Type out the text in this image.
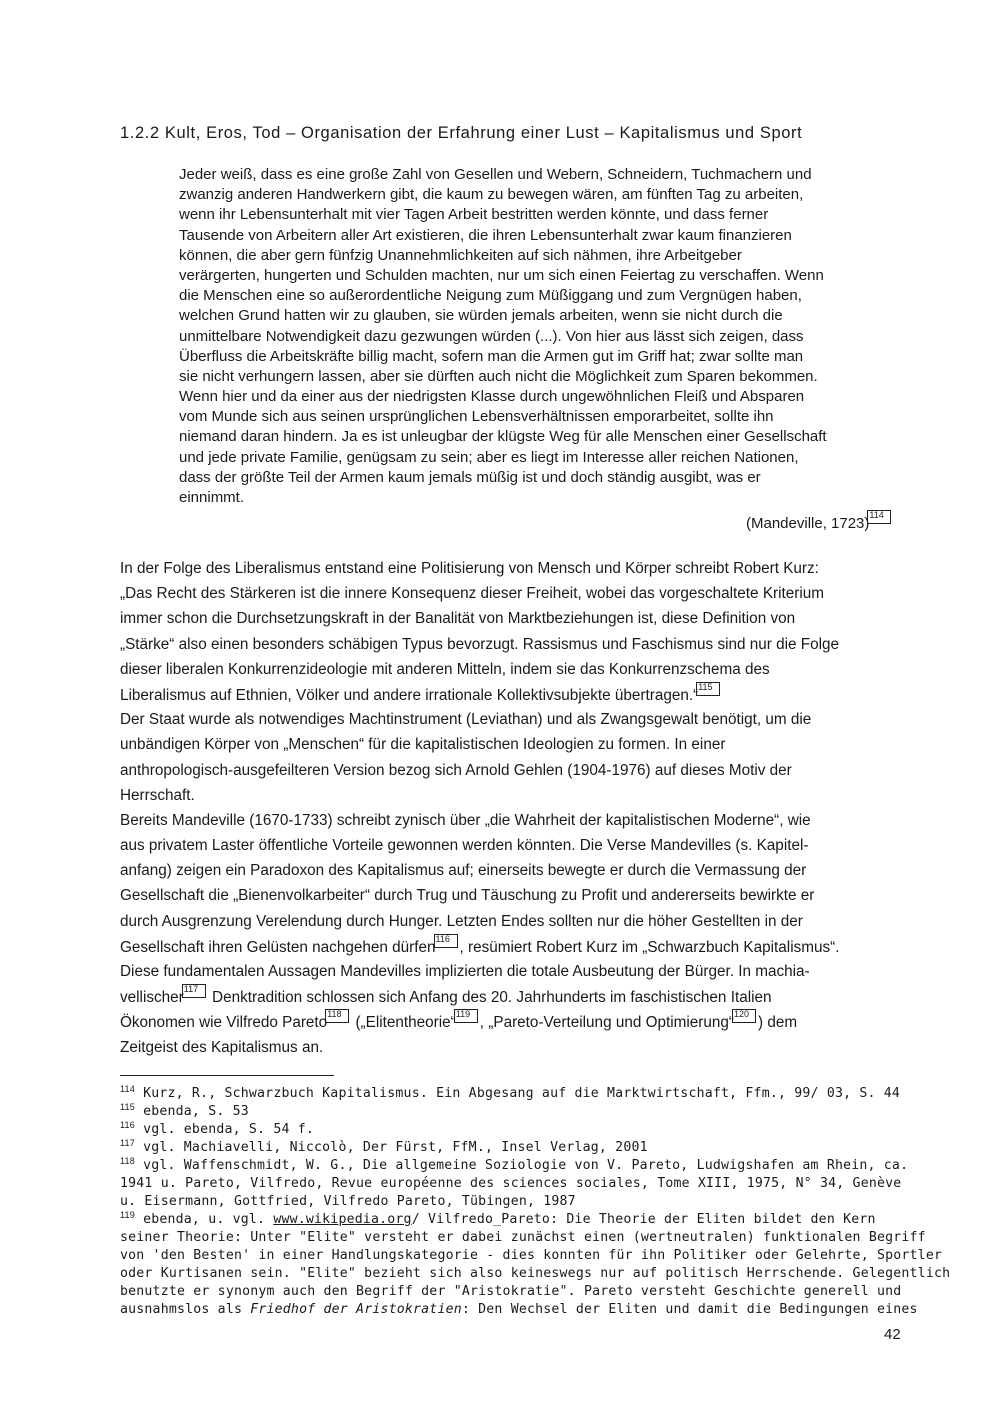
1.2.2 Kult, Eros, Tod – Organisation der Erfahrung einer Lust – Kapitalismus und Sport
Jeder weiß, dass es eine große Zahl von Gesellen und Webern, Schneidern, Tuchmachern und
zwanzig anderen Handwerkern gibt, die kaum zu bewegen wären, am fünften Tag zu arbeiten,
wenn ihr Lebensunterhalt mit vier Tagen Arbeit bestritten werden könnte, und dass ferner
Tausende von Arbeitern aller Art existieren, die ihren Lebensunterhalt zwar kaum finanzieren
können, die aber gern fünfzig Unannehmlichkeiten auf sich nähmen, ihre Arbeitgeber
verärgerten, hungerten und Schulden machten, nur um sich einen Feiertag zu verschaffen. Wenn
die Menschen eine so außerordentliche Neigung zum Müßiggang und zum Vergnügen haben,
welchen Grund hatten wir zu glauben, sie würden jemals arbeiten, wenn sie nicht durch die
unmittelbare Notwendigkeit dazu gezwungen würden (...). Von hier aus lässt sich zeigen, dass
Überfluss die Arbeitskräfte billig macht, sofern man die Armen gut im Griff hat; zwar sollte man
sie nicht verhungern lassen, aber sie dürften auch nicht die Möglichkeit zum Sparen bekommen.
Wenn hier und da einer aus der niedrigsten Klasse durch ungewöhnlichen Fleiß und Absparen
vom Munde sich aus seinen ursprünglichen Lebensverhältnissen emporarbeitet, sollte ihn
niemand daran hindern. Ja es ist unleugbar der klügste Weg für alle Menschen einer Gesellschaft
und jede private Familie, genügsam zu sein; aber es liegt im Interesse aller reichen Nationen,
dass der größte Teil der Armen kaum jemals müßig ist und doch ständig ausgibt, was er
einnimmt.
(Mandeville, 1723) 114
In der Folge des Liberalismus entstand eine Politisierung von Mensch und Körper schreibt Robert Kurz:
„Das Recht des Stärkeren ist die innere Konsequenz dieser Freiheit, wobei das vorgeschaltete Kriterium
immer schon die Durchsetzungskraft in der Banalität von Marktbeziehungen ist, diese Definition von
„Stärke“ also einen besonders schäbigen Typus bevorzugt. Rassismus und Faschismus sind nur die Folge
dieser liberalen Konkurrenzideologie mit anderen Mitteln, indem sie das Konkurrenzschema des
Liberalismus auf Ethnien, Völker und andere irrationale Kollektivsubjekte übertragen.“ 115
Der Staat wurde als notwendiges Machtinstrument (Leviathan) und als Zwangsgewalt benötigt, um die
unbändigen Körper von „Menschen“ für die kapitalistischen Ideologien zu formen. In einer
anthropologisch-ausgefeilteren Version bezog sich Arnold Gehlen (1904-1976) auf dieses Motiv der
Herrschaft.
Bereits Mandeville (1670-1733) schreibt zynisch über „die Wahrheit der kapitalistischen Moderne“, wie
aus privatem Laster öffentliche Vorteile gewonnen werden könnten. Die Verse Mandevilles (s. Kapitel-
anfang) zeigen ein Paradoxon des Kapitalismus auf; einerseits bewegte er durch die Vermassung der
Gesellschaft die „Bienenvolkarbeiter“ durch Trug und Täuschung zu Profit und andererseits bewirkte er
durch Ausgrenzung Verelendung durch Hunger. Letzten Endes sollten nur die höher Gestellten in der
Gesellschaft ihren Gelüsten nachgehen dürfen 116 , resümiert Robert Kurz im „Schwarzbuch Kapitalismus“.
Diese fundamentalen Aussagen Mandevilles implizierten die totale Ausbeutung der Bürger. In machia-
vellischer 117 Denktradition schlossen sich Anfang des 20. Jahrhunderts im faschistischen Italien
Ökonomen wie Vilfredo Pareto 118 („Elitentheorie“ 119 , „Pareto-Verteilung und Optimierung“ 120 ) dem
Zeitgeist des Kapitalismus an.
$^{114}$ Kurz, R., Schwarzbuch Kapitalismus. Ein Abgesang auf die Marktwirtschaft, Ffm., 99/ 03, S. 44
$^{115}$ ebenda, S. 53
$^{116}$ vgl. ebenda, S. 54 f.
$^{117}$ vgl. Machiavelli, Niccolò, Der Fürst, FfM., Insel Verlag, 2001
$^{118}$ vgl. Waffenschmidt, W. G., Die allgemeine Soziologie von V. Pareto, Ludwigshafen am Rhein, ca.
1941 u. Pareto, Vilfredo, Revue européenne des sciences sociales, Tome XIII, 1975, N° 34, Genève
u. Eisermann, Gottfried, Vilfredo Pareto, Tübingen, 1987
$^{119}$ ebenda, u. vgl. www.wikipedia.org/ Vilfredo_Pareto: Die Theorie der Eliten bildet den Kern
seiner Theorie: Unter "Elite" versteht er dabei zunächst einen (wertneutralen) funktionalen Begriff
von 'den Besten' in einer Handlungskategorie - dies konnten für ihn Politiker oder Gelehrte, Sportler
oder Kurtisanen sein. "Elite" bezieht sich also keineswegs nur auf politisch Herrschende. Gelegentlich
benutzte er synonym auch den Begriff der "Aristokratie". Pareto versteht Geschichte generell und
ausnahmslos als Friedhof der Aristokratien: Den Wechsel der Eliten und damit die Bedingungen eines
42
